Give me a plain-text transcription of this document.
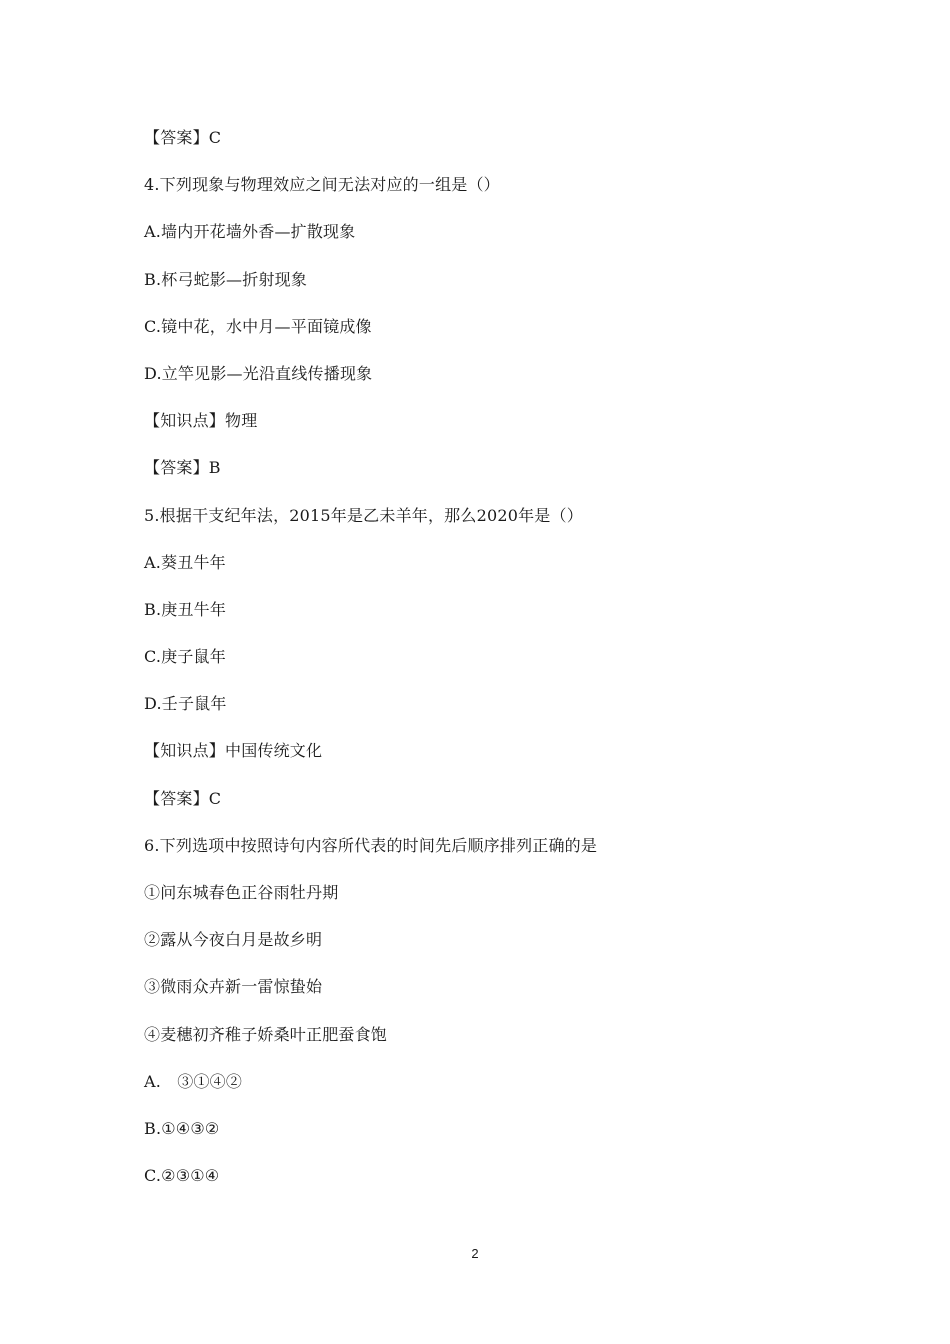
【答案】C
4.下列现象与物理效应之间无法对应的一组是（）
A.墙内开花墙外香—扩散现象
B.杯弓蛇影—折射现象
C.镜中花，水中月—平面镜成像
D.立竿见影—光沿直线传播现象
【知识点】物理
【答案】B
5.根据干支纪年法，2015年是乙未羊年，那么2020年是（）
A.葵丑牛年
B.庚丑牛年
C.庚子鼠年
D.壬子鼠年
【知识点】中国传统文化
【答案】C
6.下列选项中按照诗句内容所代表的时间先后顺序排列正确的是
①问东城春色正谷雨牡丹期
②露从今夜白月是故乡明
③微雨众卉新一雷惊蛰始
④麦穗初齐稚子娇桑叶正肥蚕食饱
A.　③①④②
B.①④③②
C.②③①④
2
